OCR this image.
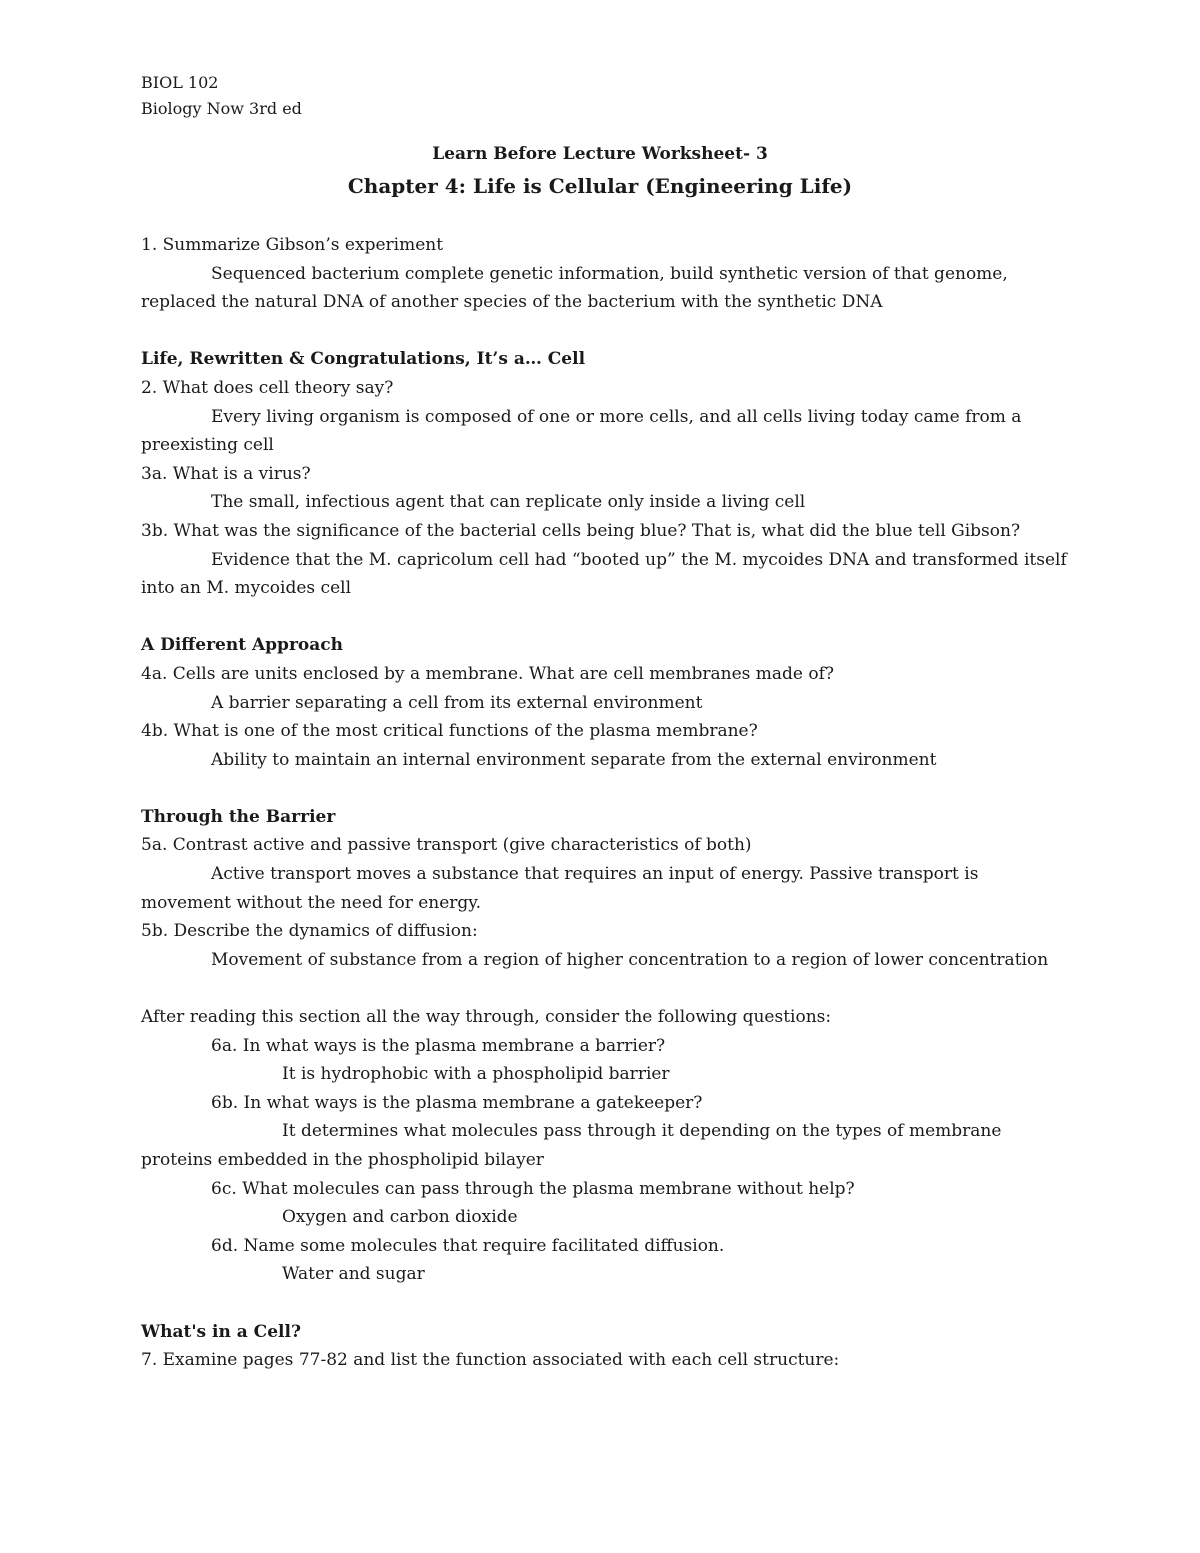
BIOL 102
Biology Now 3rd ed
Learn Before Lecture Worksheet- 3
Chapter 4: Life is Cellular (Engineering Life)
1. Summarize Gibson’s experiment
Sequenced bacterium complete genetic information, build synthetic version of that genome, replaced the natural DNA of another species of the bacterium with the synthetic DNA
Life, Rewritten & Congratulations, It’s a… Cell
2. What does cell theory say?
Every living organism is composed of one or more cells, and all cells living today came from a preexisting cell
3a. What is a virus?
The small, infectious agent that can replicate only inside a living cell
3b. What was the significance of the bacterial cells being blue? That is, what did the blue tell Gibson?
Evidence that the M. capricolum cell had “booted up” the M. mycoides DNA and transformed itself into an M. mycoides cell
A Different Approach
4a. Cells are units enclosed by a membrane. What are cell membranes made of?
A barrier separating a cell from its external environment
4b. What is one of the most critical functions of the plasma membrane?
Ability to maintain an internal environment separate from the external environment
Through the Barrier
5a. Contrast active and passive transport (give characteristics of both)
Active transport moves a substance that requires an input of energy. Passive transport is movement without the need for energy.
5b. Describe the dynamics of diffusion:
Movement of substance from a region of higher concentration to a region of lower concentration
After reading this section all the way through, consider the following questions:
6a. In what ways is the plasma membrane a barrier?
It is hydrophobic with a phospholipid barrier
6b. In what ways is the plasma membrane a gatekeeper?
It determines what molecules pass through it depending on the types of membrane proteins embedded in the phospholipid bilayer
6c. What molecules can pass through the plasma membrane without help?
Oxygen and carbon dioxide
6d. Name some molecules that require facilitated diffusion.
Water and sugar
What's in a Cell?
7. Examine pages 77-82 and list the function associated with each cell structure:
